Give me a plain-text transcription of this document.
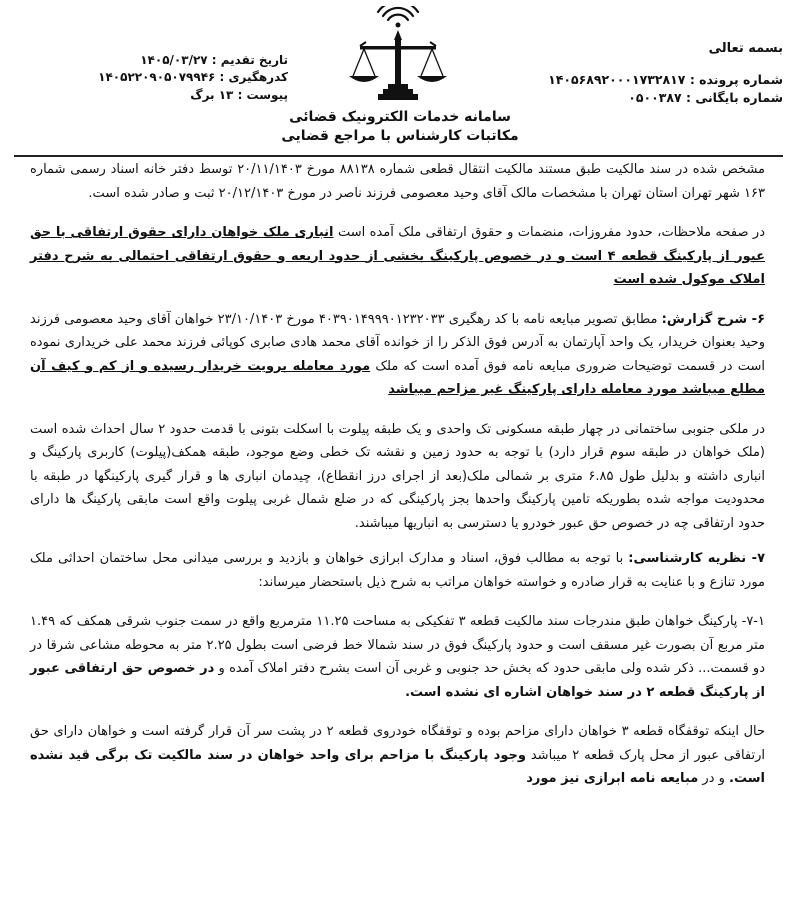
بسمه تعالی
شماره پرونده : ۱۴۰۵۶۸۹۲۰۰۰۱۷۳۲۸۱۷
شماره بایگانی : ۰۵۰۰۳۸۷
تاریخ تقدیم : ۱۴۰۵/۰۳/۲۷
کدرهگیری : ۱۴۰۵۲۲۰۹۰۵۰۷۹۹۴۶
پیوست : ۱۳ برگ
سامانه خدمات الکترونیک قضائی
مکاتبات کارشناس با مراجع قضایی

مشخص شده در سند مالکیت طبق مستند مالکیت انتقال قطعی شماره ۸۸۱۳۸ مورخ ۲۰/۱۱/۱۴۰۳ توسط دفتر خانه اسناد رسمی شماره ۱۶۳ شهر تهران استان تهران با مشخصات مالک آقای وحید معصومی فرزند ناصر در مورخ ۲۰/۱۲/۱۴۰۳ ثبت و صادر شده است.

در صفحه ملاحظات، حدود مفروزات، منضمات و حقوق ارتفاقی ملک آمده است انباری ملک خواهان دارای حقوق ارتفاقی با حق عبور از پارکینگ قطعه ۴ است و در خصوص پارکینگ بخشی از حدود اربعه و حقوق ارتفاقی احتمالی به شرح دفتر املاک موکول شده است

۶- شرح گزارش: مطابق تصویر مبایعه نامه با کد رهگیری ۴۰۳۹۰۱۴۹۹۹۰۱۲۳۲۰۳۳ مورخ ۲۳/۱۰/۱۴۰۳ خواهان آقای وحید معصومی فرزند وحید بعنوان خریدار، یک واحد آپارتمان به آدرس فوق الذکر را از خوانده آقای محمد هادی صابری کوپائی فرزند محمد علی خریداری نموده است در قسمت توضیحات ضروری مبایعه نامه فوق آمده است که ملک مورد معامله برویت خریدار رسیده و از کم و کیف آن مطلع میباشد مورد معامله دارای پارکینگ غیر مزاحم میباشد

در ملکی جنوبی ساختمانی در چهار طبقه مسکونی تک واحدی و یک طبقه پیلوت با اسکلت بتونی با قدمت حدود ۲ سال احداث شده است (ملک خواهان در طبقه سوم قرار دارد) با توجه به حدود زمین و نقشه تک خطی وضع موجود، طبقه همکف(پیلوت) کاربری پارکینگ و انباری داشته و بدلیل طول ۶.۸۵ متری بر شمالی ملک(بعد از اجرای درز انقطاع)، چیدمان انباری ها و قرار گیری پارکینگها در طبقه با محدودیت مواجه شده بطوریکه تامین پارکینگ واحدها بجز پارکینگی که در ضلع شمال غربی پیلوت واقع است مابقی پارکینگ ها دارای حدود ارتفاقی چه در خصوص حق عبور خودرو یا دسترسی به انباریها میباشند.

۷- نظریه کارشناسی: با توجه به مطالب فوق، اسناد و مدارک ابرازی خواهان و بازدید و بررسی میدانی محل ساختمان احداثی ملک مورد تنازع و با عنایت به قرار صادره و خواسته خواهان مراتب به شرح ذیل باستحضار میرساند:

۷-۱- پارکینگ خواهان طبق مندرجات سند مالکیت قطعه ۳ تفکیکی به مساحت ۱۱.۲۵ مترمربع واقع در سمت جنوب شرقی همکف که ۱.۴۹ متر مربع آن بصورت غیر مسقف است و حدود پارکینگ فوق در سند شمالا خط فرضی است بطول ۲.۲۵ متر به محوطه مشاعی شرقا در دو قسمت... ذکر شده ولی مابقی حدود که بخش حد جنوبی و غربی آن است بشرح دفتر املاک آمده و در خصوص حق ارتفاقی عبور از پارکینگ قطعه ۲ در سند خواهان اشاره ای نشده است.

حال اینکه توقفگاه قطعه ۳ خواهان دارای مزاحم بوده و توقفگاه خودروی قطعه ۲ در پشت سر آن قرار گرفته است و خواهان دارای حق ارتفاقی عبور از محل پارک قطعه ۲ میباشد وجود پارکینگ با مزاحم برای واحد خواهان در سند مالکیت تک برگی قید نشده است. و در مبایعه نامه ابرازی نیز مورد
